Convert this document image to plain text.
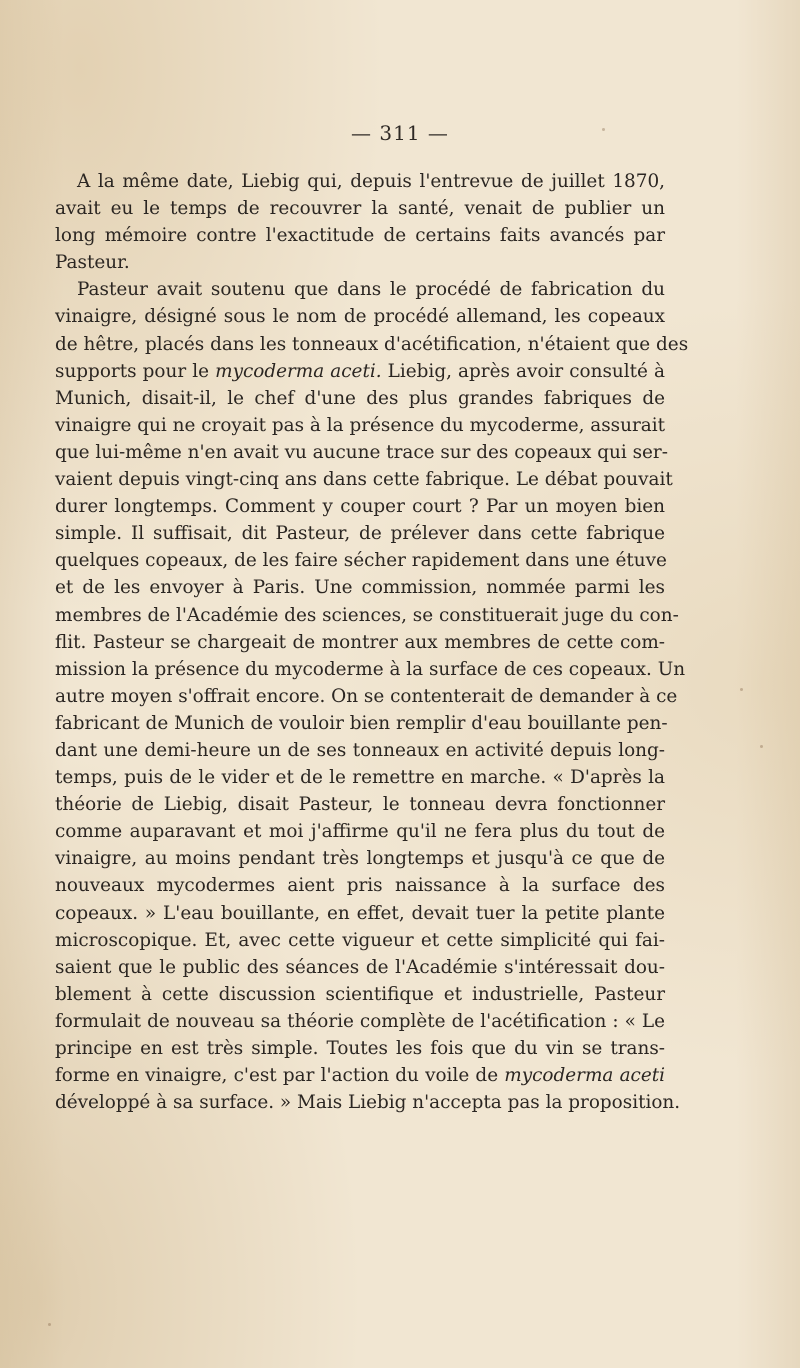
— 311 —
A la même date, Liebig qui, depuis l'entrevue de juillet 1870,
avait eu le temps de recouvrer la santé, venait de publier un
long mémoire contre l'exactitude de certains faits avancés par
Pasteur.
Pasteur avait soutenu que dans le procédé de fabrication du
vinaigre, désigné sous le nom de procédé allemand, les copeaux
de hêtre, placés dans les tonneaux d'acétification, n'étaient que des
supports pour le mycoderma aceti. Liebig, après avoir consulté à
Munich, disait-il, le chef d'une des plus grandes fabriques de
vinaigre qui ne croyait pas à la présence du mycoderme, assurait
que lui-même n'en avait vu aucune trace sur des copeaux qui ser-
vaient depuis vingt-cinq ans dans cette fabrique. Le débat pouvait
durer longtemps. Comment y couper court ? Par un moyen bien
simple. Il suffisait, dit Pasteur, de prélever dans cette fabrique
quelques copeaux, de les faire sécher rapidement dans une étuve
et de les envoyer à Paris. Une commission, nommée parmi les
membres de l'Académie des sciences, se constituerait juge du con-
flit. Pasteur se chargeait de montrer aux membres de cette com-
mission la présence du mycoderme à la surface de ces copeaux. Un
autre moyen s'offrait encore. On se contenterait de demander à ce
fabricant de Munich de vouloir bien remplir d'eau bouillante pen-
dant une demi-heure un de ses tonneaux en activité depuis long-
temps, puis de le vider et de le remettre en marche. « D'après la
théorie de Liebig, disait Pasteur, le tonneau devra fonctionner
comme auparavant et moi j'affirme qu'il ne fera plus du tout de
vinaigre, au moins pendant très longtemps et jusqu'à ce que de
nouveaux mycodermes aient pris naissance à la surface des
copeaux. » L'eau bouillante, en effet, devait tuer la petite plante
microscopique. Et, avec cette vigueur et cette simplicité qui fai-
saient que le public des séances de l'Académie s'intéressait dou-
blement à cette discussion scientifique et industrielle, Pasteur
formulait de nouveau sa théorie complète de l'acétification : « Le
principe en est très simple. Toutes les fois que du vin se trans-
forme en vinaigre, c'est par l'action du voile de mycoderma aceti
développé à sa surface. » Mais Liebig n'accepta pas la proposition.
